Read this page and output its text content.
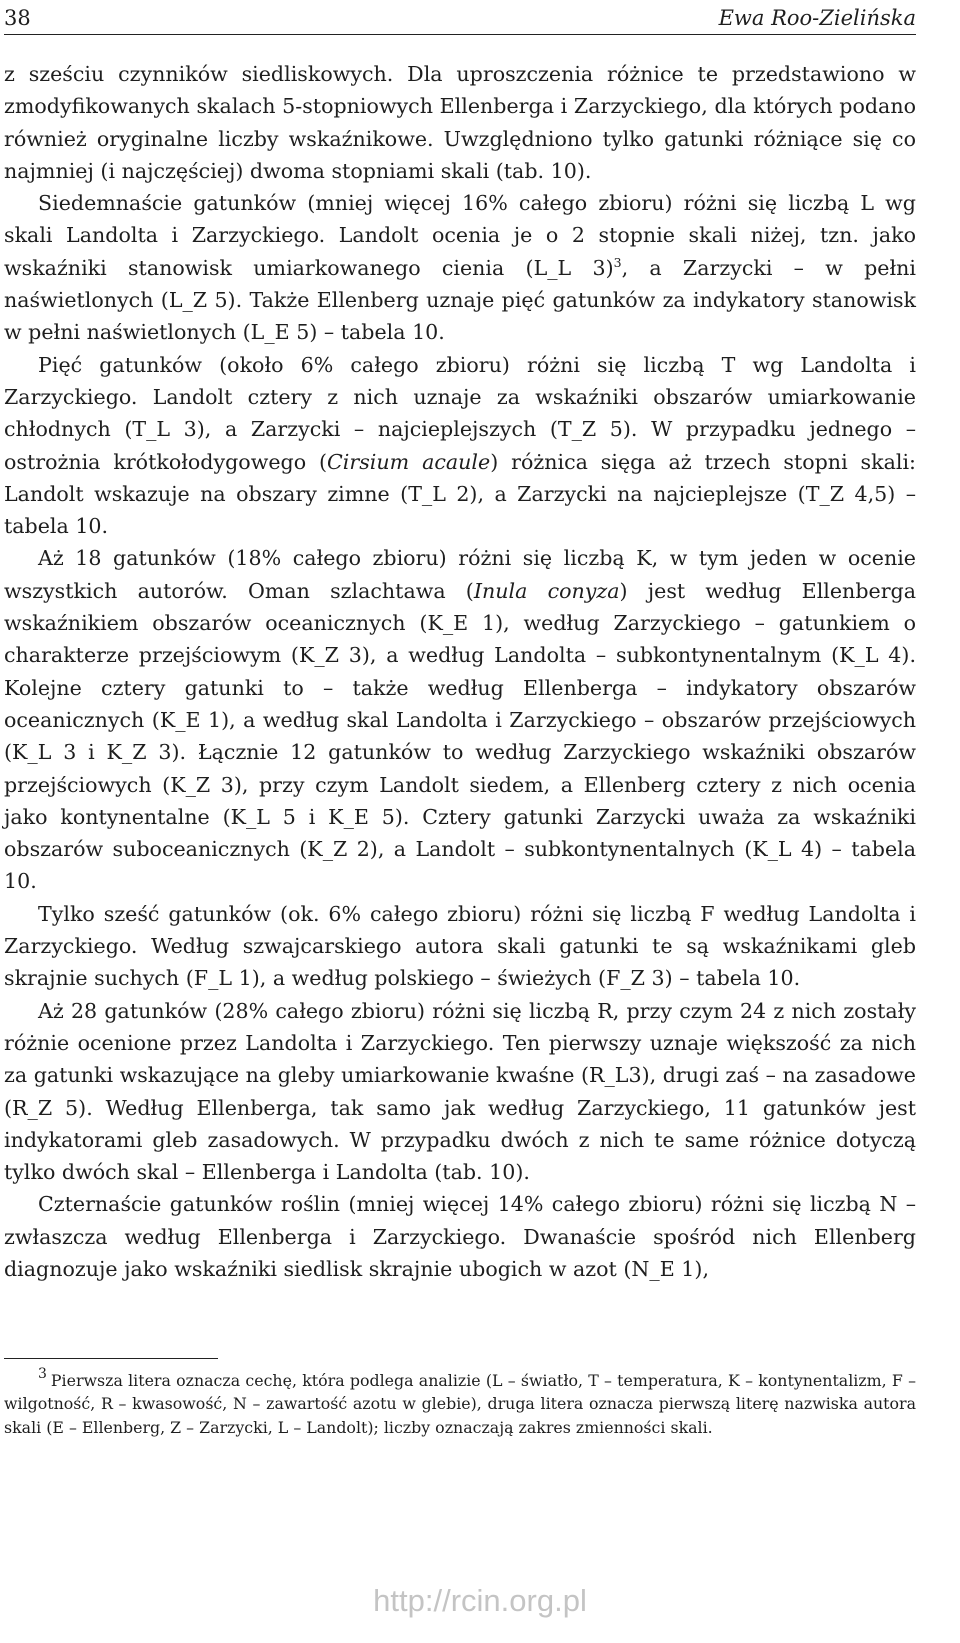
38	Ewa Roo-Zielińska

z sześciu czynników siedliskowych. Dla uproszczenia różnice te przedstawiono w zmodyfikowanych skalach 5-stopniowych Ellenberga i Zarzyckiego, dla których podano również oryginalne liczby wskaźnikowe. Uwzględniono tylko gatunki różniące się co najmniej (i najczęściej) dwoma stopniami skali (tab. 10).

Siedemnaście gatunków (mniej więcej 16% całego zbioru) różni się liczbą L wg skali Landolta i Zarzyckiego. Landolt ocenia je o 2 stopnie skali niżej, tzn. jako wskaźniki stanowisk umiarkowanego cienia (L_L 3)$^3$, a Zarzycki – w pełni naświetlonych (L_Z 5). Także Ellenberg uznaje pięć gatunków za indykatory stanowisk w pełni naświetlonych (L_E 5) – tabela 10.

Pięć gatunków (około 6% całego zbioru) różni się liczbą T wg Landolta i Zarzyckiego. Landolt cztery z nich uznaje za wskaźniki obszarów umiarkowanie chłodnych (T_L 3), a Zarzycki – najcieplejszych (T_Z 5). W przypadku jednego – ostrożnia krótkołodygowego (Cirsium acaule) różnica sięga aż trzech stopni skali: Landolt wskazuje na obszary zimne (T_L 2), a Zarzycki na najcieplejsze (T_Z 4,5) – tabela 10.

Aż 18 gatunków (18% całego zbioru) różni się liczbą K, w tym jeden w ocenie wszystkich autorów. Oman szlachtawa (Inula conyza) jest według Ellenberga wskaźnikiem obszarów oceanicznych (K_E 1), według Zarzyckiego – gatunkiem o charakterze przejściowym (K_Z 3), a według Landolta – subkontynentalnym (K_L 4). Kolejne cztery gatunki to – także według Ellenberga – indykatory obszarów oceanicznych (K_E 1), a według skal Landolta i Zarzyckiego – obszarów przejściowych (K_L 3 i K_Z 3). Łącznie 12 gatunków to według Zarzyckiego wskaźniki obszarów przejściowych (K_Z 3), przy czym Landolt siedem, a Ellenberg cztery z nich ocenia jako kontynentalne (K_L 5 i K_E 5). Cztery gatunki Zarzycki uważa za wskaźniki obszarów suboceanicznych (K_Z 2), a Landolt – subkontynentalnych (K_L 4) – tabela 10.

Tylko sześć gatunków (ok. 6% całego zbioru) różni się liczbą F według Landolta i Zarzyckiego. Według szwajcarskiego autora skali gatunki te są wskaźnikami gleb skrajnie suchych (F_L 1), a według polskiego – świeżych (F_Z 3) – tabela 10.

Aż 28 gatunków (28% całego zbioru) różni się liczbą R, przy czym 24 z nich zostały różnie ocenione przez Landolta i Zarzyckiego. Ten pierwszy uznaje większość za nich za gatunki wskazujące na gleby umiarkowanie kwaśne (R_L3), drugi zaś – na zasadowe (R_Z 5). Według Ellenberga, tak samo jak według Zarzyckiego, 11 gatunków jest indykatorami gleb zasadowych. W przypadku dwóch z nich te same różnice dotyczą tylko dwóch skal – Ellenberga i Landolta (tab. 10).

Czternaście gatunków roślin (mniej więcej 14% całego zbioru) różni się liczbą N – zwłaszcza według Ellenberga i Zarzyckiego. Dwanaście spośród nich Ellenberg diagnozuje jako wskaźniki siedlisk skrajnie ubogich w azot (N_E 1),

3 Pierwsza litera oznacza cechę, która podlega analizie (L – światło, T – temperatura, K – kontynentalizm, F – wilgotność, R – kwasowość, N – zawartość azotu w glebie), druga litera oznacza pierwszą literę nazwiska autora skali (E – Ellenberg, Z – Zarzycki, L – Landolt); liczby oznaczają zakres zmienności skali.

http://rcin.org.pl
